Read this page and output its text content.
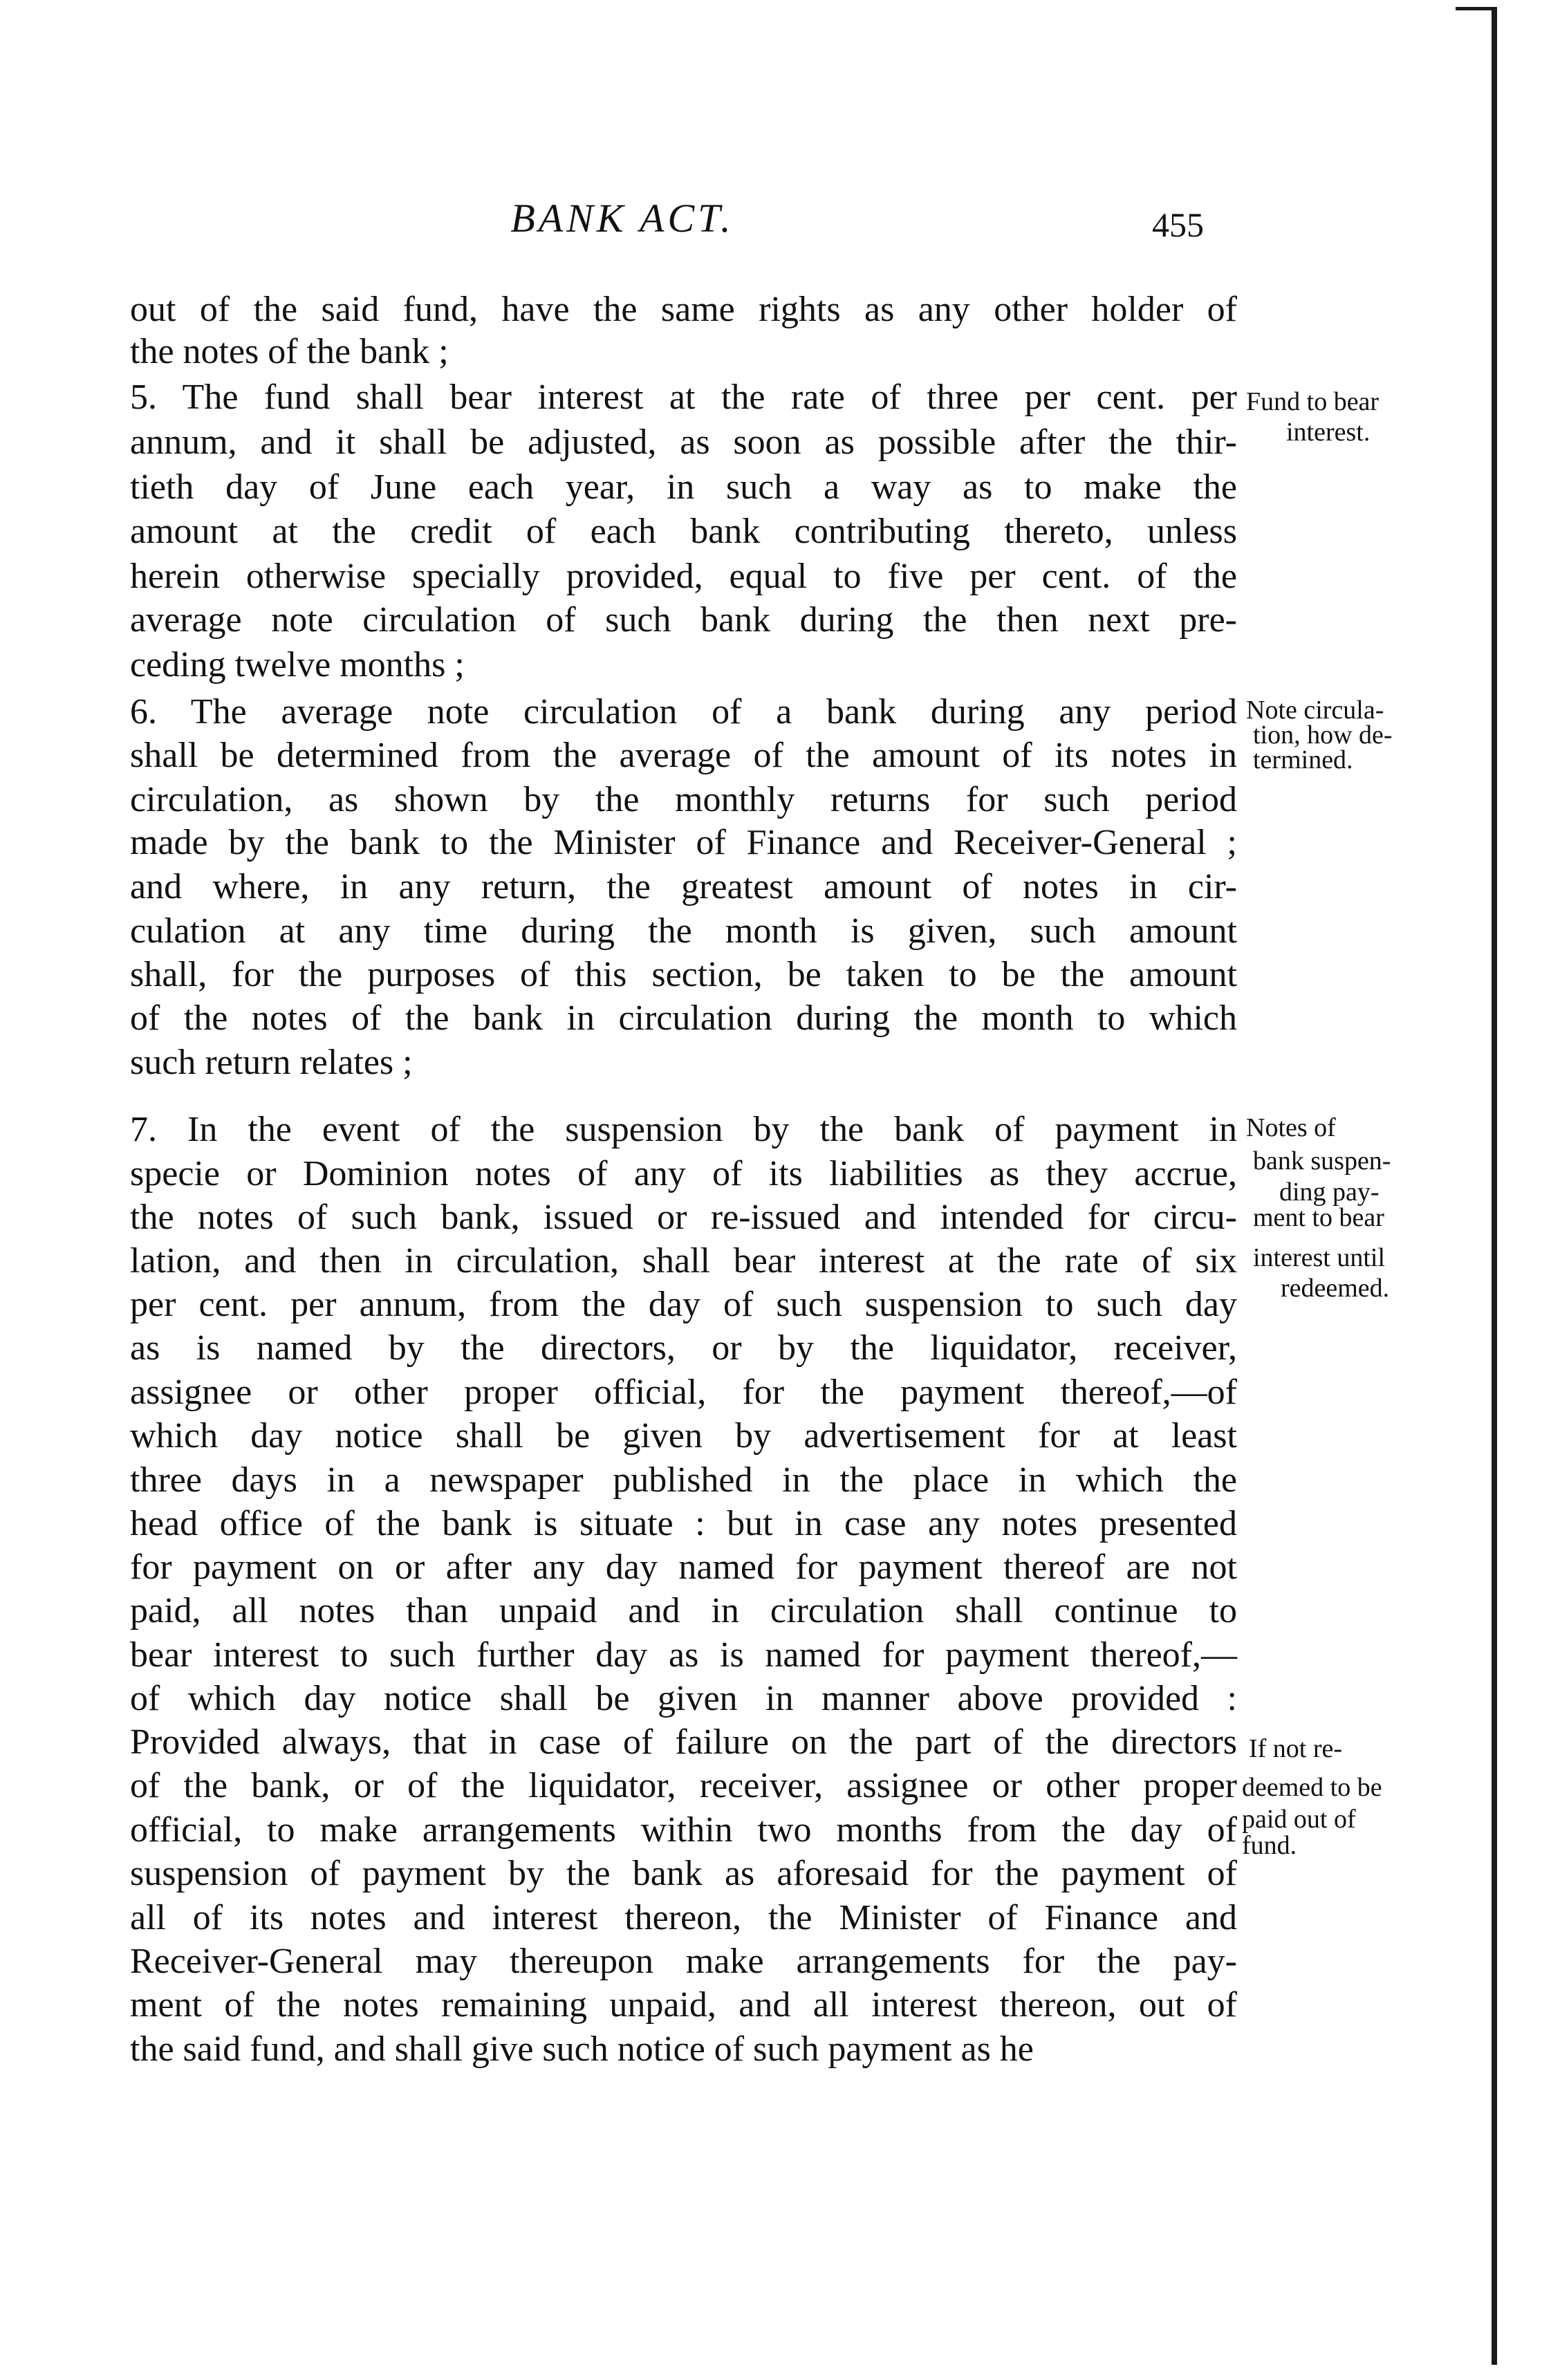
BANK ACT.	455
out of the said fund, have the same rights as any other holder of
the notes of the bank ;
5. The fund shall bear interest at the rate of three per cent. per
annum, and it shall be adjusted, as soon as possible after the thir-
tieth day of June each year, in such a way as to make the
amount at the credit of each bank contributing thereto, unless
herein otherwise specially provided, equal to five per cent. of the
average note circulation of such bank during the then next pre-
ceding twelve months ;
6. The average note circulation of a bank during any period
shall be determined from the average of the amount of its notes in
circulation, as shown by the monthly returns for such period
made by the bank to the Minister of Finance and Receiver-General ;
and where, in any return, the greatest amount of notes in cir-
culation at any time during the month is given, such amount
shall, for the purposes of this section, be taken to be the amount
of the notes of the bank in circulation during the month to which
such return relates ;
7. In the event of the suspension by the bank of payment in
specie or Dominion notes of any of its liabilities as they accrue,
the notes of such bank, issued or re-issued and intended for circu-
lation, and then in circulation, shall bear interest at the rate of six
per cent. per annum, from the day of such suspension to such day
as is named by the directors, or by the liquidator, receiver,
assignee or other proper official, for the payment thereof,—of
which day notice shall be given by advertisement for at least
three days in a newspaper published in the place in which the
head office of the bank is situate : but in case any notes presented
for payment on or after any day named for payment thereof are not
paid, all notes than unpaid and in circulation shall continue to
bear interest to such further day as is named for payment thereof,—
of which day notice shall be given in manner above provided :
Provided always, that in case of failure on the part of the directors
of the bank, or of the liquidator, receiver, assignee or other proper
official, to make arrangements within two months from the day of
suspension of payment by the bank as aforesaid for the payment of
all of its notes and interest thereon, the Minister of Finance and
Receiver-General may thereupon make arrangements for the pay-
ment of the notes remaining unpaid, and all interest thereon, out of
the said fund, and shall give such notice of such payment as he
Fund to bear
interest.
Note circula-
tion, how de-
termined.
Notes of
bank suspen-
ding pay-
ment to bear
interest until
redeemed.
If not re-
deemed to be
paid out of
fund.
